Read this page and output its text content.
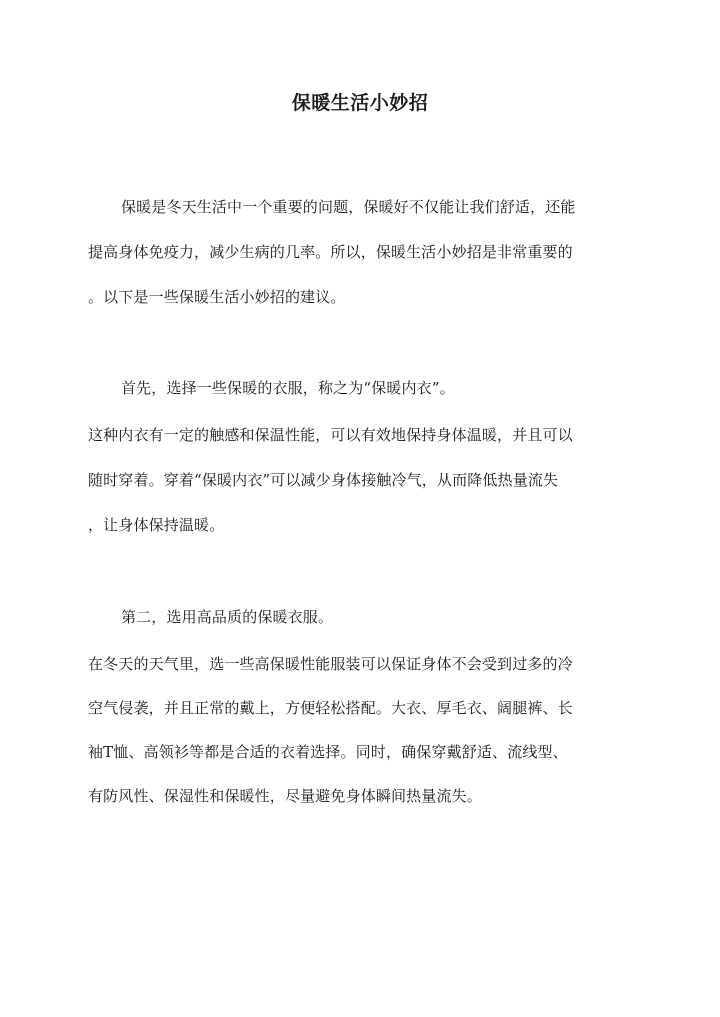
保暖生活小妙招
保暖是冬天生活中一个重要的问题，保暖好不仅能让我们舒适，还能
提高身体免疫力，减少生病的几率。所以，保暖生活小妙招是非常重要的
。以下是一些保暖生活小妙招的建议。
首先，选择一些保暖的衣服，称之为“保暖内衣”。
这种内衣有一定的触感和保温性能，可以有效地保持身体温暖，并且可以
随时穿着。穿着“保暖内衣”可以减少身体接触冷气，从而降低热量流失
，让身体保持温暖。
第二，选用高品质的保暖衣服。
在冬天的天气里，选一些高保暖性能服装可以保证身体不会受到过多的冷
空气侵袭，并且正常的戴上，方便轻松搭配。大衣、厚毛衣、阔腿裤、长
袖T恤、高领衫等都是合适的衣着选择。同时，确保穿戴舒适、流线型、
有防风性、保湿性和保暖性，尽量避免身体瞬间热量流失。
